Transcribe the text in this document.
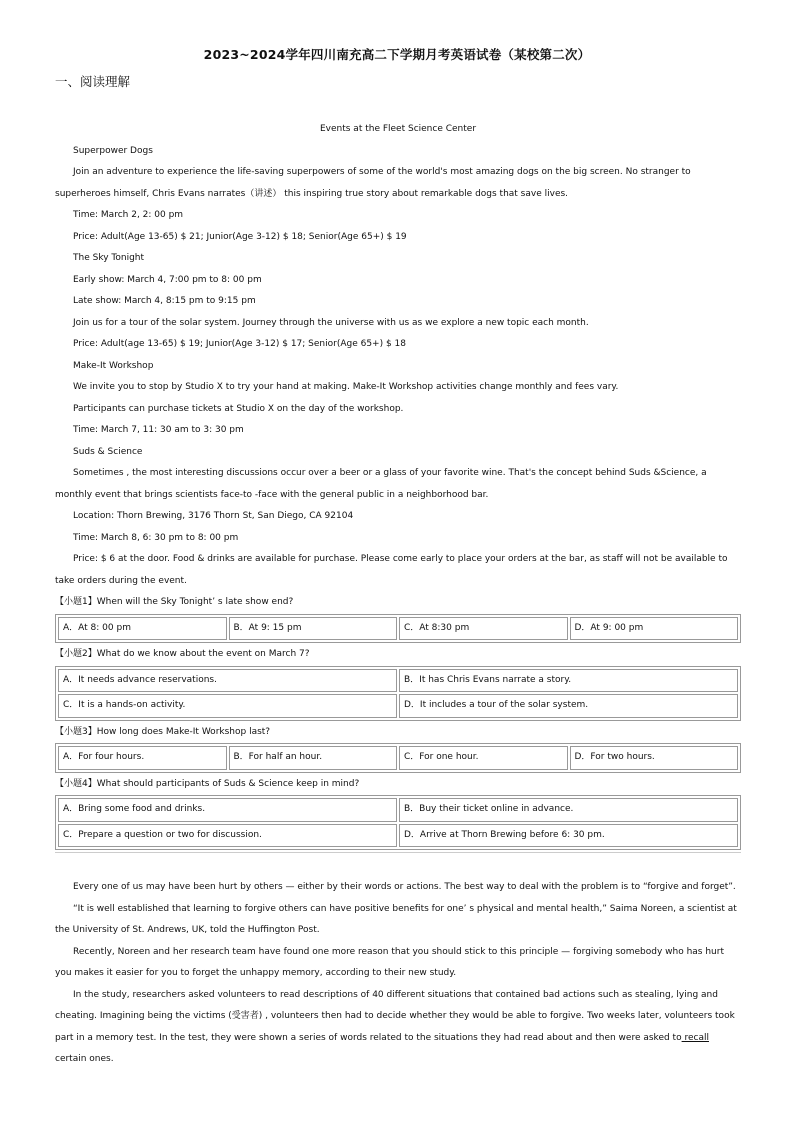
2023~2024学年四川南充高二下学期月考英语试卷（某校第二次）
一、阅读理解

Events at the Fleet Science Center

Superpower Dogs

Join an adventure to experience the life-saving superpowers of some of the world's most amazing dogs on the big screen. No stranger to superheroes himself, Chris Evans narrates（讲述） this inspiring true story about remarkable dogs that save lives.

Time: March 2, 2: 00 pm

Price: Adult(Age 13-65) $ 21; Junior(Age 3-12) $ 18; Senior(Age 65+) $ 19

The Sky Tonight

Early show: March 4, 7:00 pm to 8: 00 pm

Late show: March 4, 8:15 pm to 9:15 pm

Join us for a tour of the solar system. Journey through the universe with us as we explore a new topic each month.

Price: Adult(age 13-65) $ 19; Junior(Age 3-12) $ 17; Senior(Age 65+) $ 18

Make-It Workshop

We invite you to stop by Studio X to try your hand at making. Make-It Workshop activities change monthly and fees vary.

Participants can purchase tickets at Studio X on the day of the workshop.

Time: March 7, 11: 30 am to 3: 30 pm

Suds & Science

Sometimes , the most interesting discussions occur over a beer or a glass of your favorite wine. That's the concept behind Suds &Science, a monthly event that brings scientists face-to -face with the general public in a neighborhood bar.

Location: Thorn Brewing, 3176 Thorn St, San Diego, CA 92104

Time: March 8, 6: 30 pm to 8: 00 pm

Price: $ 6 at the door. Food & drinks are available for purchase. Please come early to place your orders at the bar, as staff will not be available to take orders during the event.

【小题1】When will the Sky Tonight’ s late show end?

A．At 8: 00 pm	B．At 9: 15 pm	C．At 8:30 pm	D．At 9: 00 pm

【小题2】What do we know about the event on March 7?

A．It needs advance reservations.	B．It has Chris Evans narrate a story.
C．It is a hands-on activity.	D．It includes a tour of the solar system.

【小题3】How long does Make-It Workshop last?

A．For four hours.	B．For half an hour.	C．For one hour.	D．For two hours.

【小题4】What should participants of Suds & Science keep in mind?

A．Bring some food and drinks.	B．Buy their ticket online in advance.
C．Prepare a question or two for discussion.	D．Arrive at Thorn Brewing before 6: 30 pm.

Every one of us may have been hurt by others — either by their words or actions. The best way to deal with the problem is to “forgive and forget”.

“It is well established that learning to forgive others can have positive benefits for one’ s physical and mental health,” Saima Noreen, a scientist at the University of St. Andrews, UK, told the Huffington Post.

Recently, Noreen and her research team have found one more reason that you should stick to this principle — forgiving somebody who has hurt you makes it easier for you to forget the unhappy memory, according to their new study.

In the study, researchers asked volunteers to read descriptions of 40 different situations that contained bad actions such as stealing, lying and cheating. Imagining being the victims (受害者) , volunteers then had to decide whether they would be able to forgive. Two weeks later, volunteers took part in a memory test. In the test, they were shown a series of words related to the situations they had read about and then were asked to recall certain ones.
